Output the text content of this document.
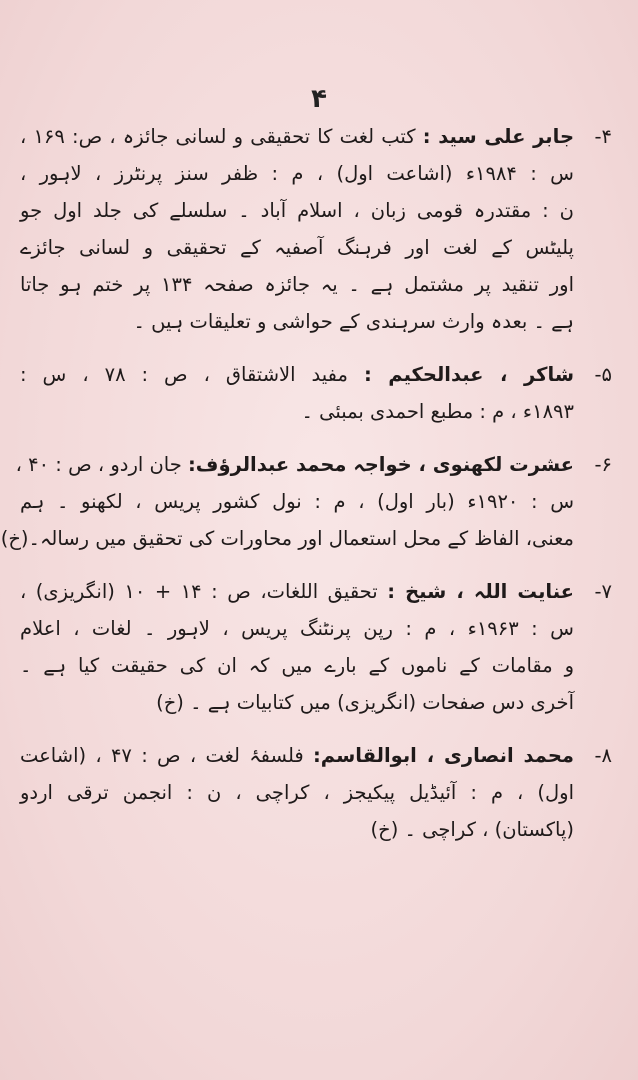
۴
۴-جابر علی سید : کتب لغت کا تحقیقی و لسانی جائزہ ، ص: ۱۶۹ ،
س : ۱۹۸۴ء (اشاعت اول) ، م : ظفر سنز پرنٹرز ، لاہور ،
ن : مقتدرہ قومی زبان ، اسلام آباد ۔ سلسلے کی جلد اول جو
پلیٹس کے لغت اور فرہنگ آصفیہ کے تحقیقی و لسانی جائزے
اور تنقید پر مشتمل ہے ۔ یہ جائزہ صفحہ ۱۳۴ پر ختم ہو جاتا
ہے ۔ بعدہ وارث سرہندی کے حواشی و تعلیقات ہیں ۔
۵-شاکر ، عبدالحکیم : مفید الاشتقاق ، ص : ۷۸ ، س :
۱۸۹۳ء ، م : مطبع احمدی بمبئی ۔
۶-عشرت لکھنوی ، خواجہ محمد عبدالرؤف: جان اردو ، ص : ۴۰ ،
س : ۱۹۲۰ء (بار اول) ، م : نول کشور پریس ، لکھنو ۔ ہم
معنی، الفاظ کے محل استعمال اور محاورات کی تحقیق میں رسالہ۔(خ)
۷-عنایت اللہ ، شیخ : تحقیق اللغات، ص : ۱۴ + ۱۰ (انگریزی) ،
س : ۱۹۶۳ء ، م : رپن پرنٹنگ پریس ، لاہور ۔ لغات ، اعلام
و مقامات کے ناموں کے بارے میں کہ ان کی حقیقت کیا ہے ۔
آخری دس صفحات (انگریزی) میں کتابیات ہے ۔ (خ)
۸-محمد انصاری ، ابوالقاسم: فلسفۂ لغت ، ص : ۴۷ ، (اشاعت
اول) ، م : آئیڈیل پیکیجز ، کراچی ، ن : انجمن ترقی اردو
(پاکستان) ، کراچی ۔ (خ)
